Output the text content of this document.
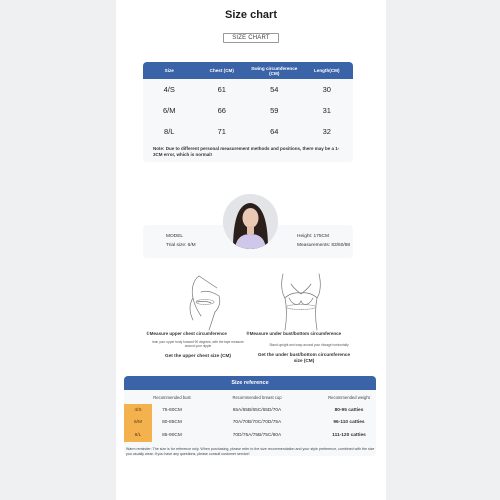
Size chart
SIZE CHART
Size	Chest (CM)	Swing circumference (CM)	Length(CM)
4/S	61	54	30
6/M	66	59	31
8/L	71	64	32
Note: Due to different personal measurement methods and positions, there may be a 1-3CM error, which is normal!
MODEL
Trial size: 6/M
Height: 175CM
Measurements: 83/60/88
①Measure upper chest circumference
lean your upper body forward 90 degrees, with the tape measure around your nipple
Get the upper chest size (CM)
②Measure under bust/bottom circumference
Stand upright and wrap around your ribcage horizontally
Get the under bust/bottom circumference size (CM)
Size reference
	Recommended bust	Recommended breast cup	Recommended weight
4/S	75-80CM	65A/65B/65C/65D/70A	80-95 catties
6/M	80-85CM	70A/70B/70C/70D/75A	96-110 catties
8/L	85-90CM	70D/75A/75B/75C/80A	111-120 catties
Warm reminder: The size is for reference only. When purchasing, please refer to the size recommendation and your style preference, combined with the size you usually wear. If you have any questions, please consult customer service!
